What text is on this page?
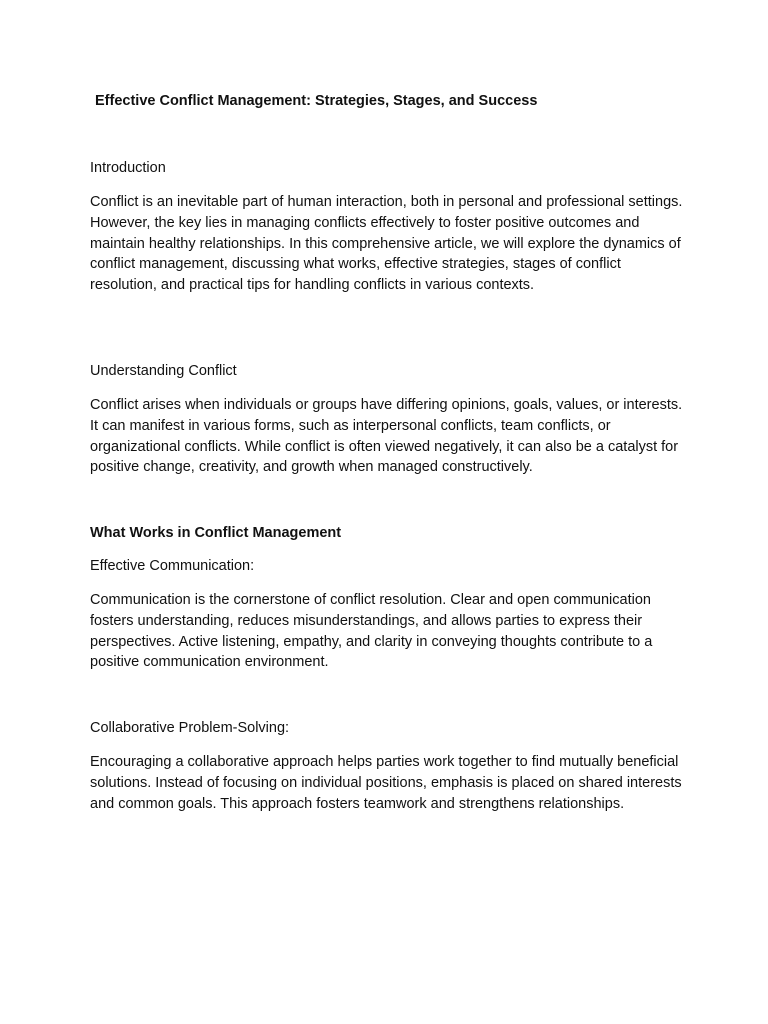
Effective Conflict Management: Strategies, Stages, and Success
Introduction
Conflict is an inevitable part of human interaction, both in personal and professional settings. However, the key lies in managing conflicts effectively to foster positive outcomes and maintain healthy relationships. In this comprehensive article, we will explore the dynamics of conflict management, discussing what works, effective strategies, stages of conflict resolution, and practical tips for handling conflicts in various contexts.
Understanding Conflict
Conflict arises when individuals or groups have differing opinions, goals, values, or interests. It can manifest in various forms, such as interpersonal conflicts, team conflicts, or organizational conflicts. While conflict is often viewed negatively, it can also be a catalyst for positive change, creativity, and growth when managed constructively.
What Works in Conflict Management
Effective Communication:
Communication is the cornerstone of conflict resolution. Clear and open communication fosters understanding, reduces misunderstandings, and allows parties to express their perspectives. Active listening, empathy, and clarity in conveying thoughts contribute to a positive communication environment.
Collaborative Problem-Solving:
Encouraging a collaborative approach helps parties work together to find mutually beneficial solutions. Instead of focusing on individual positions, emphasis is placed on shared interests and common goals. This approach fosters teamwork and strengthens relationships.
